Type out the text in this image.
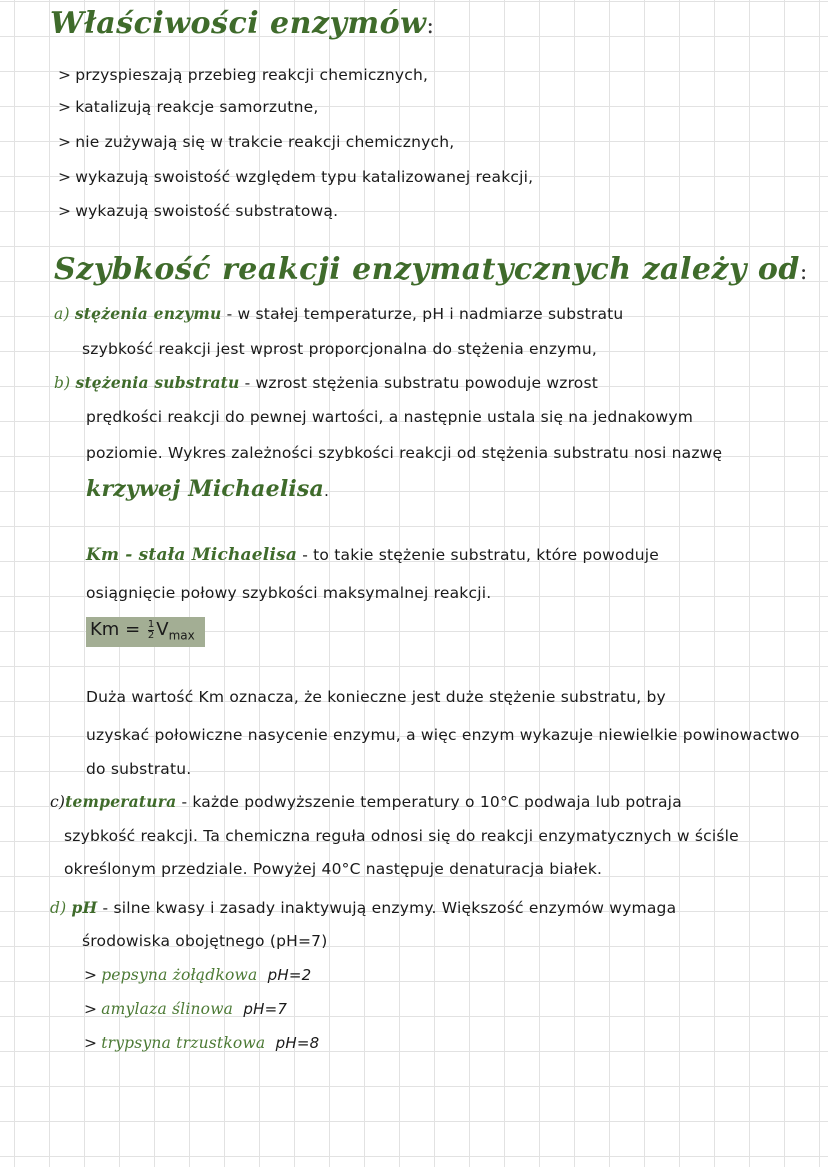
Właściwości enzymów:
> przyspieszają przebieg reakcji chemicznych,
> katalizują reakcje samorzutne,
> nie zużywają się w trakcie reakcji chemicznych,
> wykazują swoistość względem typu katalizowanej reakcji,
> wykazują swoistość substratową.
Szybkość reakcji enzymatycznych zależy od:
a) stężenia enzymu - w stałej temperaturze, pH i nadmiarze substratu
szybkość reakcji jest wprost proporcjonalna do stężenia enzymu,
b) stężenia substratu - wzrost stężenia substratu powoduje wzrost
prędkości reakcji do pewnej wartości, a następnie ustala się na jednakowym
poziomie. Wykres zależności szybkości reakcji od stężenia substratu nosi nazwę
krzywej Michaelisa.
Km - stała Michaelisa - to takie stężenie substratu, które powoduje
osiągnięcie połowy szybkości maksymalnej reakcji.
$Km = \frac{1}{2} V_{max}$
Duża wartość Km oznacza, że konieczne jest duże stężenie substratu, by
uzyskać połowiczne nasycenie enzymu, a więc enzym wykazuje niewielkie powinowactwo
do substratu.
c)temperatura - każde podwyższenie temperatury o 10°C podwaja lub potraja
szybkość reakcji. Ta chemiczna reguła odnosi się do reakcji enzymatycznych w ściśle
określonym przedziale. Powyżej 40°C następuje denaturacja białek.
d) pH - silne kwasy i zasady inaktywują enzymy. Większość enzymów wymaga
środowiska obojętnego (pH=7)
> pepsyna żołądkowa pH=2
> amylaza ślinowa pH=7
> trypsyna trzustkowa pH=8
